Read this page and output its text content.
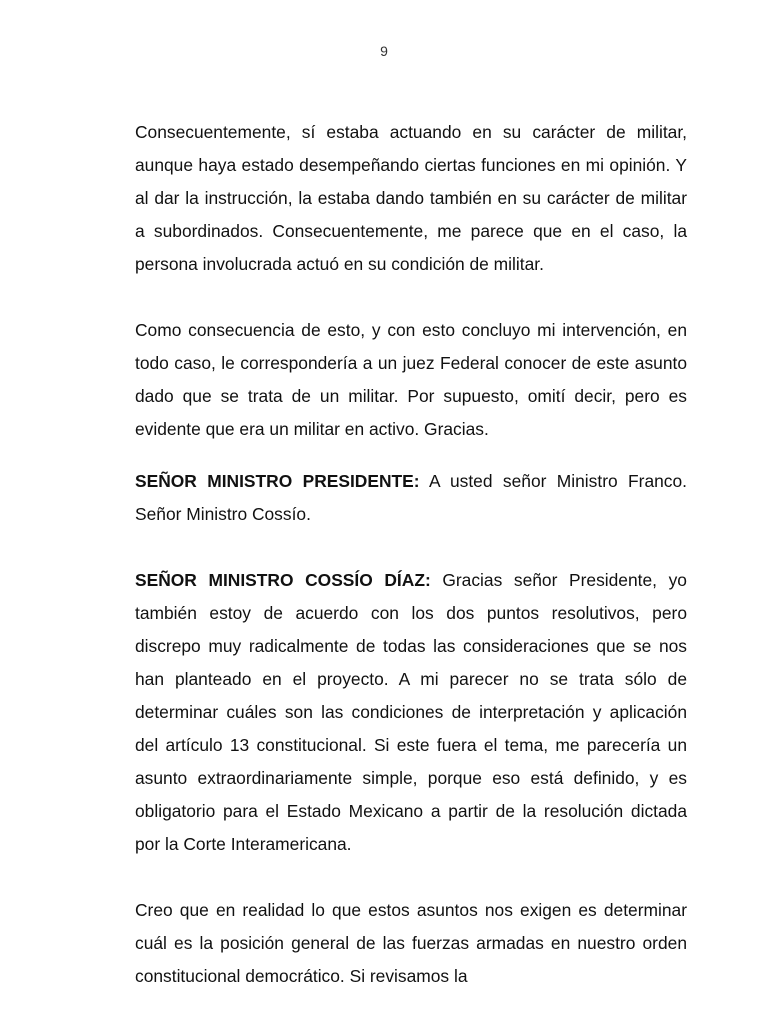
9

Consecuentemente, sí estaba actuando en su carácter de militar, aunque haya estado desempeñando ciertas funciones en mi opinión. Y al dar la instrucción, la estaba dando también en su carácter de militar a subordinados. Consecuentemente, me parece que en el caso, la persona involucrada actuó en su condición de militar.

Como consecuencia de esto, y con esto concluyo mi intervención, en todo caso, le correspondería a un juez Federal conocer de este asunto dado que se trata de un militar. Por supuesto, omití decir, pero es evidente que era un militar en activo. Gracias.

SEÑOR MINISTRO PRESIDENTE: A usted señor Ministro Franco. Señor Ministro Cossío.

SEÑOR MINISTRO COSSÍO DÍAZ: Gracias señor Presidente, yo también estoy de acuerdo con los dos puntos resolutivos, pero discrepo muy radicalmente de todas las consideraciones que se nos han planteado en el proyecto. A mi parecer no se trata sólo de determinar cuáles son las condiciones de interpretación y aplicación del artículo 13 constitucional. Si este fuera el tema, me parecería un asunto extraordinariamente simple, porque eso está definido, y es obligatorio para el Estado Mexicano a partir de la resolución dictada por la Corte Interamericana.

Creo que en realidad lo que estos asuntos nos exigen es determinar cuál es la posición general de las fuerzas armadas en nuestro orden constitucional democrático. Si revisamos la
